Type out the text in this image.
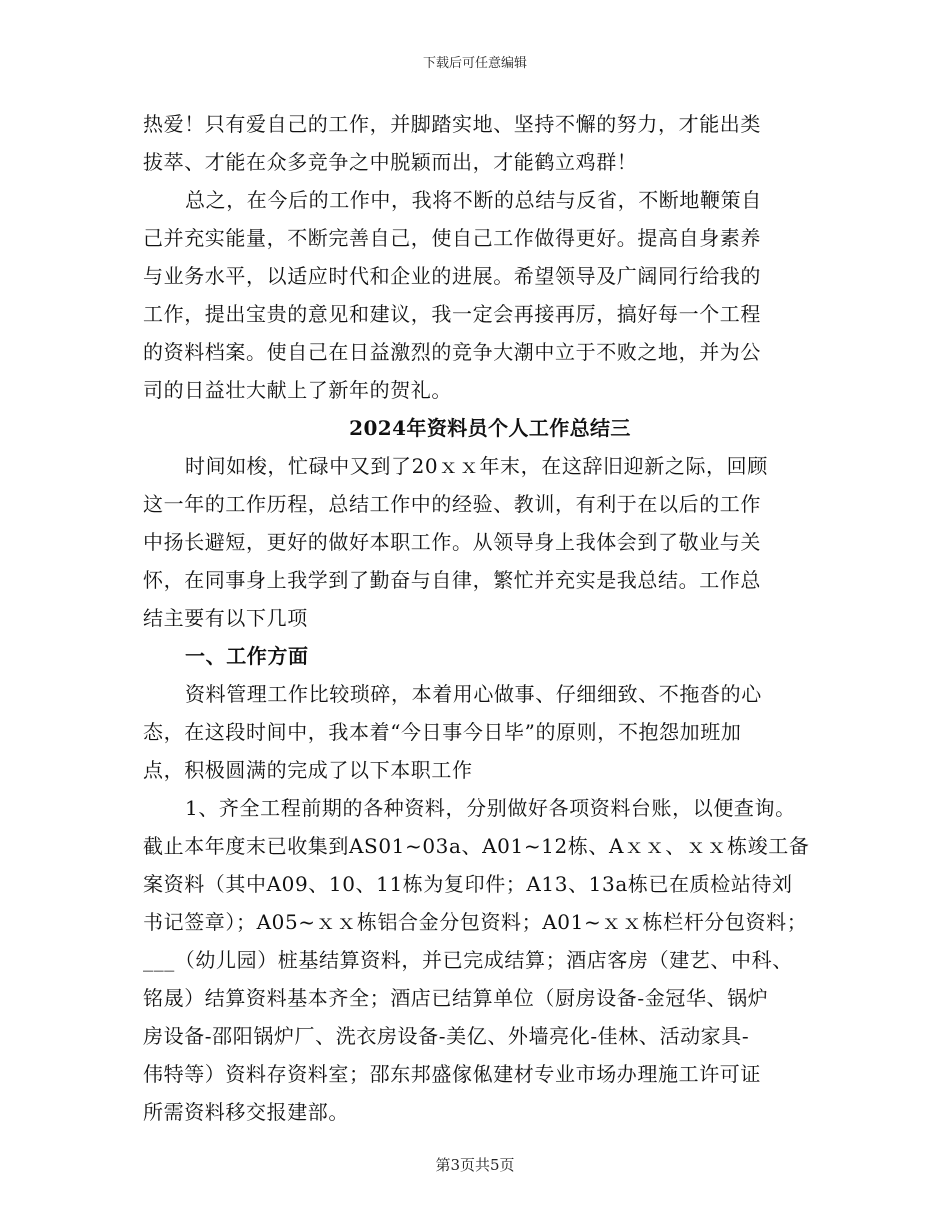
下载后可任意编辑
热爱！只有爱自己的工作，并脚踏实地、坚持不懈的努力，才能出类
拔萃、才能在众多竞争之中脱颖而出，才能鹤立鸡群！
总之，在今后的工作中，我将不断的总结与反省，不断地鞭策自
己并充实能量，不断完善自己，使自己工作做得更好。提高自身素养
与业务水平，以适应时代和企业的进展。希望领导及广阔同行给我的
工作，提出宝贵的意见和建议，我一定会再接再厉，搞好每一个工程
的资料档案。使自己在日益激烈的竞争大潮中立于不败之地，并为公
司的日益壮大献上了新年的贺礼。
2024年资料员个人工作总结三
时间如梭，忙碌中又到了20ｘｘ年末，在这辞旧迎新之际，回顾
这一年的工作历程，总结工作中的经验、教训，有利于在以后的工作
中扬长避短，更好的做好本职工作。从领导身上我体会到了敬业与关
怀，在同事身上我学到了勤奋与自律，繁忙并充实是我总结。工作总
结主要有以下几项
一、工作方面
资料管理工作比较琐碎，本着用心做事、仔细细致、不拖沓的心
态，在这段时间中，我本着“今日事今日毕”的原则，不抱怨加班加
点，积极圆满的完成了以下本职工作
1、齐全工程前期的各种资料，分别做好各项资料台账，以便查询。
截止本年度末已收集到AS01~03a、A01~12栋、Aｘｘ、ｘｘ栋竣工备
案资料（其中A09、10、11栋为复印件；A13、13a栋已在质检站待刘
书记签章）；A05~ｘｘ栋铝合金分包资料；A01~ｘｘ栋栏杆分包资料；
___（幼儿园）桩基结算资料，并已完成结算；酒店客房（建艺、中科、
铭晟）结算资料基本齐全；酒店已结算单位（厨房设备-金冠华、锅炉
房设备-邵阳锅炉厂、洗衣房设备-美亿、外墙亮化-佳林、活动家具-
伟特等）资料存资料室；邵东邦盛傢俬建材专业市场办理施工许可证
所需资料移交报建部。
第3页共5页
